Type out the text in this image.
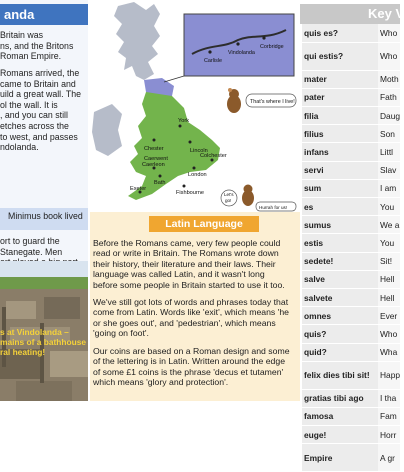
anda
Britain was
ns, and the Britons
Roman Empire.
Romans arrived, the
came to Britain and
uild a great wall. The
ol the wall. It is
, and you can still
etches across the
to west, and passes
ndolanda.
Minimus book lived
ort to guard the
Stanegate. Men
s at Vindolanda –
mains of a bathhouse
ral heating!
Carlisle
Vindolanda
Corbridge
York
Chester	Lincoln
Colchester
Caerleon
Bath
London
Fishbourne
Exeter
Caerwent
That's where I live!
Let's
go!
Hurrah for us!
Latin Language
Before the Romans came, very few people could
read or write in Britain. The Romans wrote down
their history, their literature and their laws. Their
language was called Latin, and it wasn't long
before some people in Britain started to use it too.
We've still got lots of words and phrases today that
come from Latin. Words like 'exit', which means 'he
or she goes out', and 'pedestrian', which means
'going on foot'.
Our coins are based on a Roman design and some
of the lettering is in Latin. Written around the edge
of some £1 coins is the phrase 'decus et tutamen'
which means 'glory and protection'.
Key V
quis es?	Who
qui estis?	Who
mater	Moth
pater	Fath
filia	Daug
filius	Son
infans	Littl
servi	Slav
sum	I am
es	You
sumus	We a
estis	You
sedete!	Sit!
salve	Hell
salvete	Hell
omnes	Ever
quis?	Who
quid?	Wha
felix dies tibi sit!	Happ
gratias tibi ago	I tha
famosa	Fam
euge!	Horr
Empire	A gr
